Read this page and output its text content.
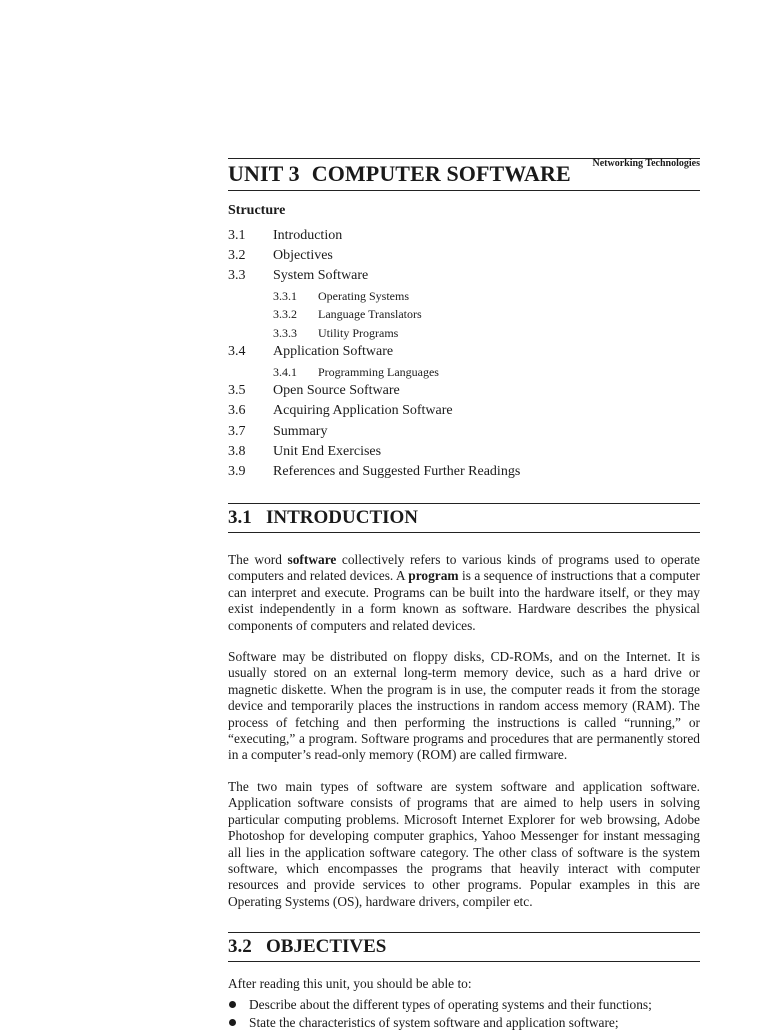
UNIT 3 COMPUTER SOFTWARE Networking Technologies
Structure
3.1 Introduction
3.2 Objectives
3.3 System Software
3.3.1 Operating Systems
3.3.2 Language Translators
3.3.3 Utility Programs
3.4 Application Software
3.4.1 Programming Languages
3.5 Open Source Software
3.6 Acquiring Application Software
3.7 Summary
3.8 Unit End Exercises
3.9 References and Suggested Further Readings
3.1 INTRODUCTION

The word software collectively refers to various kinds of programs used to operate computers and related devices. A program is a sequence of instructions that a computer can interpret and execute. Programs can be built into the hardware itself, or they may exist independently in a form known as software. Hardware describes the physical components of computers and related devices.

Software may be distributed on floppy disks, CD-ROMs, and on the Internet. It is usually stored on an external long-term memory device, such as a hard drive or magnetic diskette. When the program is in use, the computer reads it from the storage device and temporarily places the instructions in random access memory (RAM). The process of fetching and then performing the instructions is called “running,” or “executing,” a program. Software programs and procedures that are permanently stored in a computer’s read-only memory (ROM) are called firmware.

The two main types of software are system software and application software. Application software consists of programs that are aimed to help users in solving particular computing problems. Microsoft Internet Explorer for web browsing, Adobe Photoshop for developing computer graphics, Yahoo Messenger for instant messaging all lies in the application software category. The other class of software is the system software, which encompasses the programs that heavily interact with computer resources and provide services to other programs. Popular examples in this are Operating Systems (OS), hardware drivers, compiler etc.

3.2 OBJECTIVES

After reading this unit, you should be able to:

Describe about the different types of operating systems and their functions;
State the characteristics of system software and application software;
